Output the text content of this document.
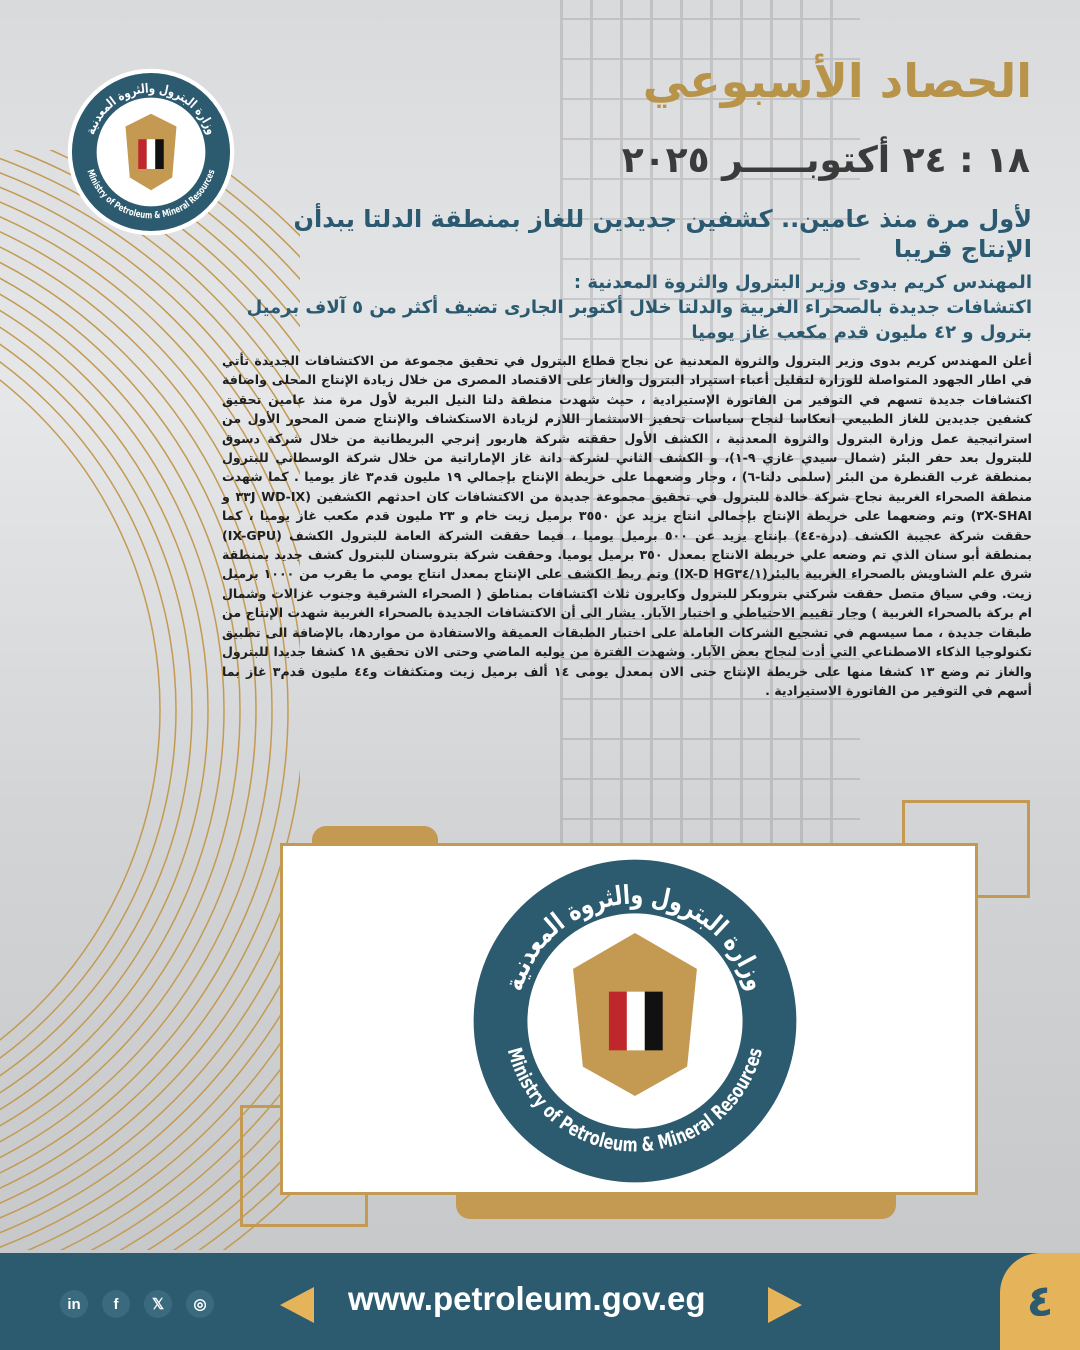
وزارة البترول والثروة المعدنية
Ministry of Petroleum & Mineral Resources
الحصاد الأسبوعي
١٨ : ٢٤ أكتوبـــــر ٢٠٢٥
لأول مرة منذ عامين.. كشفين جديدين للغاز بمنطقة الدلتا يبدأن الإنتاج قريبا
المهندس كريم بدوى وزير البترول والثروة المعدنية :
اكتشافات جديدة بالصحراء الغربية والدلتا خلال أكتوبر الجارى تضيف أكثر من ٥ آلاف برميل بترول و ٤٢ مليون قدم مكعب غاز يوميا
أعلن المهندس كريم بدوى وزير البترول والثروة المعدنية عن نجاح قطاع البترول في تحقيق مجموعة من الاكتشافات الجديدة تأتي في اطار الجهود المتواصلة للوزارة لتقليل أعباء استيراد البترول والغاز على الاقتصاد المصرى من خلال زيادة الإنتاج المحلى واضافة اكتشافات جديدة تسهم في التوفير من الفاتورة الإستيرادية ، حيث شهدت منطقة دلتا النيل البرية لأول مرة منذ عامين تحقيق كشفين جديدين للغاز الطبيعي انعكاسا لنجاح سياسات تحفيز الاستثمار اللازم لزيادة الاستكشاف والإنتاج ضمن المحور الأول من استراتيجية عمل وزارة البترول والثروة المعدنية ، الكشف الأول حققته شركة هاربور إنرجي البريطانية من خلال شركة دسوق للبترول بعد حفر البئر (شمال سيدي غازي ٩-١)، و الكشف الثاني لشركة دانة غاز الإماراتية من خلال شركة الوسطاني للبترول بمنطقة غرب القنطرة من البئر (سلمى دلتا-٦) ، وجار وضعهما على خريطة الإنتاج بإجمالي ١٩ مليون قدم٣ غاز يوميا . كما شهدت منطقة الصحراء الغربية نجاح شركة خالدة للبترول في تحقيق مجموعة جديدة من الاكتشافات كان احدثهم الكشفين (IX-٣٣J WD و ٣X-SHAI) وتم وضعهما على خريطة الإنتاج بإجمالى انتاج يزيد عن ٣٥٥٠ برميل زيت خام و ٢٣ مليون قدم مكعب غاز يوميا ، كما حققت شركة عجيبة الكشف (درة-٤٤) بإنتاج يزيد عن ٥٠٠ برميل يوميا ، فيما حققت الشركة العامة للبترول الكشف (IX-GPU) بمنطقة أبو سنان الذي تم وضعه علي خريطة الانتاج بمعدل ٣٥٠ برميل يوميا. وحققت شركة بتروسنان للبترول كشف جديد بمنطقة شرق علم الشاويش بالصحراء الغربية بالبئر(HG٣٤/١ IX-D) وتم ربط الكشف على الإنتاج بمعدل انتاج يومي ما يقرب من ١٠٠٠ برميل زيت. وفي سياق متصل حققت شركتي بتروبكر للبترول وكايرون ثلاث اكتشافات بمناطق ( الصحراء الشرقية وجنوب غزالات وشمال ام بركة بالصحراء الغربية ) وجار تقييم الاحتياطي و اختبار الآبار. يشار الى أن الاكتشافات الجديدة بالصحراء الغربية شهدت الإنتاج من طبقات جديدة ، مما سيسهم في تشجيع الشركات العاملة على اختبار الطبقات العميقة والاستفادة من مواردها، بالإضافة الى تطبيق تكنولوجيا الذكاء الاصطناعي التي أدت لنجاح بعض الآبار. وشهدت الفترة من يوليه الماضي وحتى الان تحقيق ١٨ كشفا جديدا للبترول والغاز تم وضع ١٣ كشفا منها على خريطة الإنتاج حتى الان بمعدل يومى ١٤ ألف برميل زيت ومتكثفات و٤٤ مليون قدم٣ غاز بما أسهم في التوفير من الفاتورة الاستيرادية .
وزارة البترول والثروة المعدنية
Ministry of Petroleum & Mineral Resources
in	f	𝕏	◎	www.petroleum.gov.eg	٤
